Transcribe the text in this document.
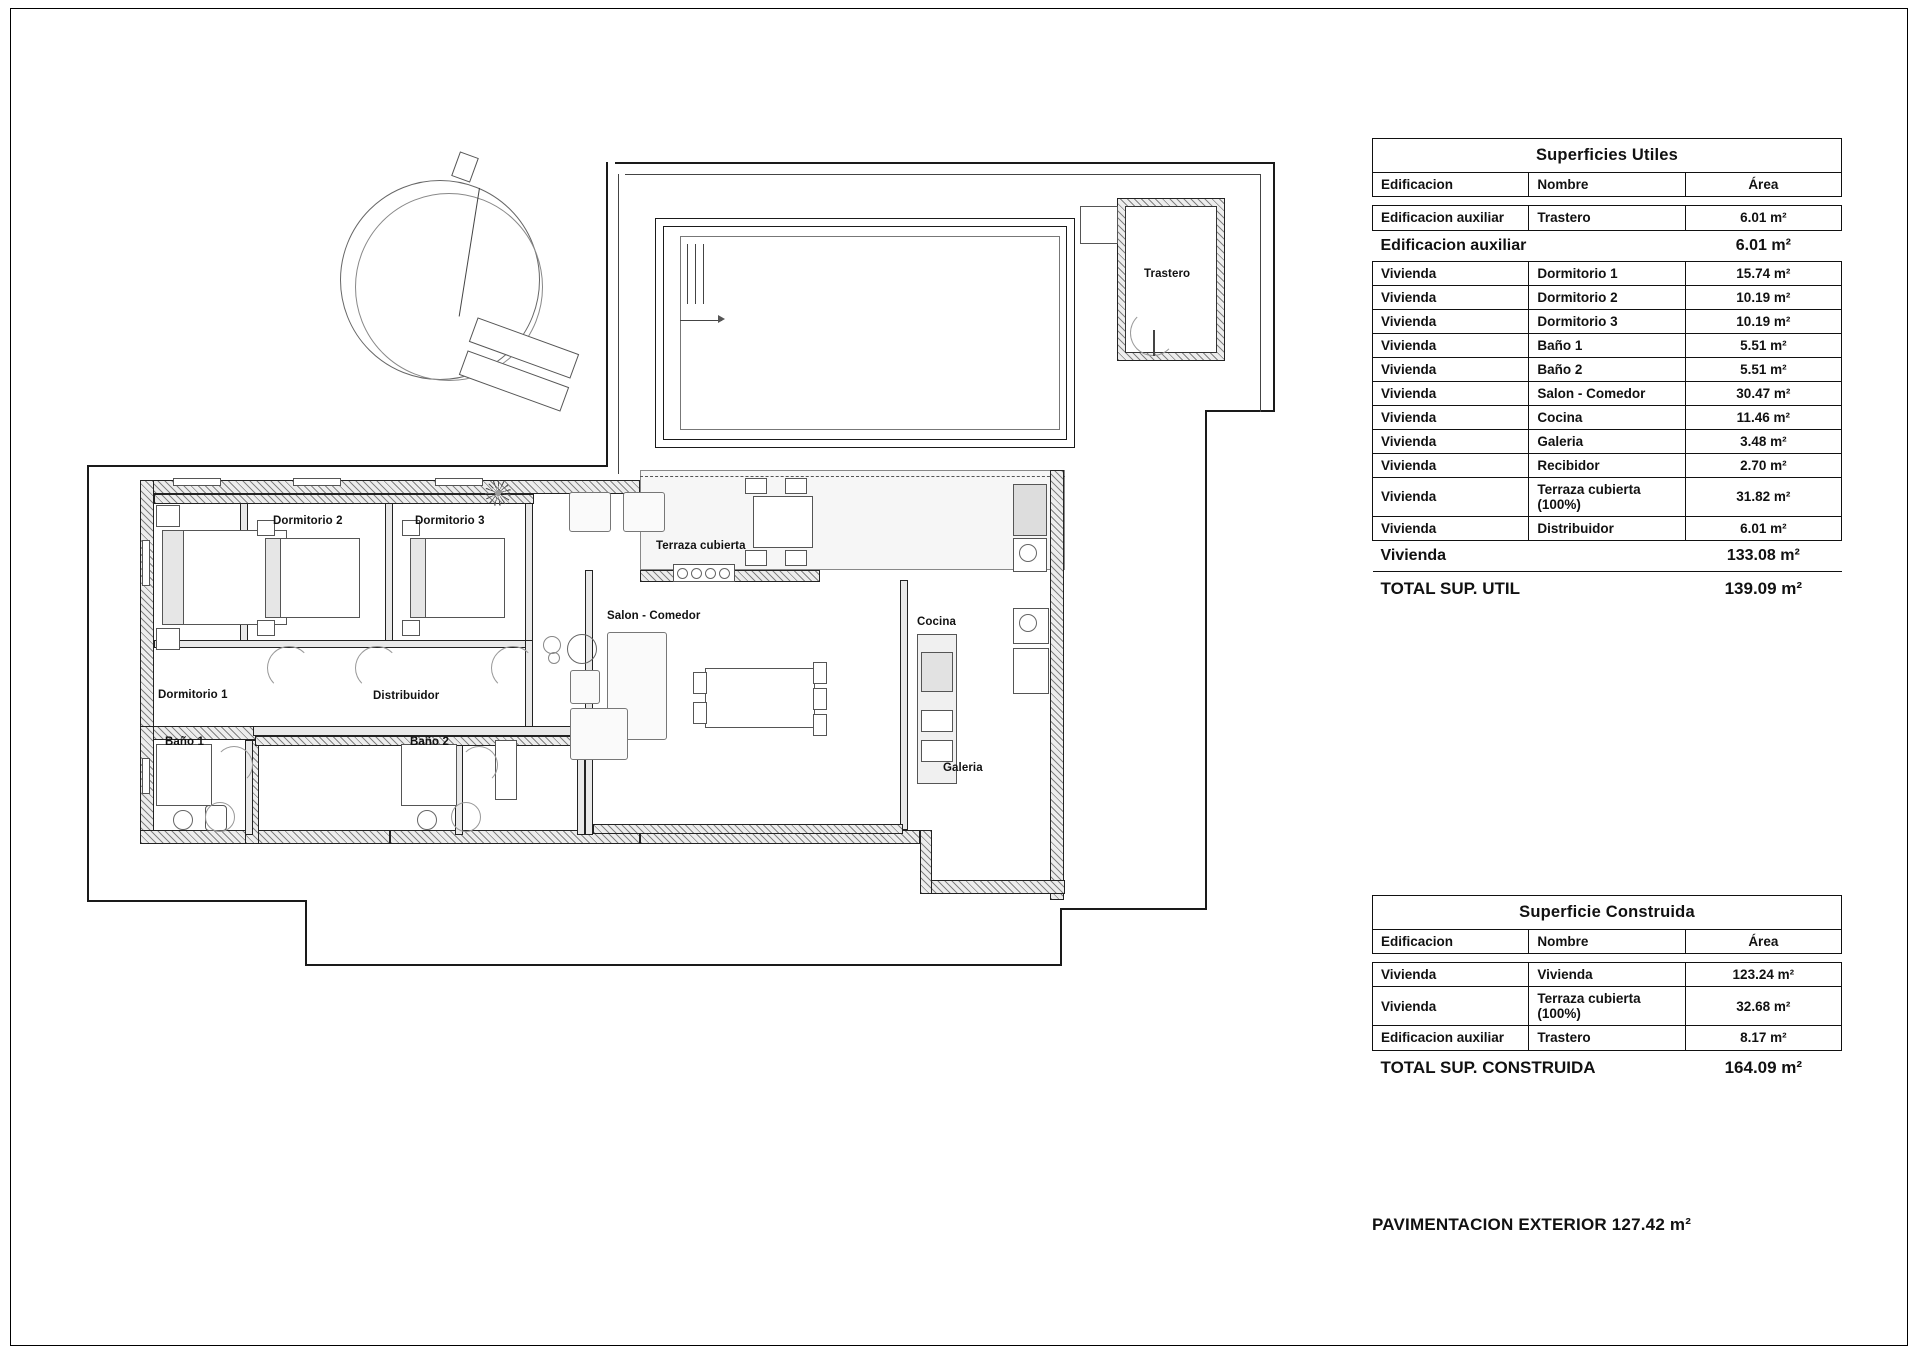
Trastero
Dormitorio 1
Dormitorio 2	Dormitorio 3
Distribuidor
Baño 1	Baño 2
Terraza cubierta
Salon - Comedor	Cocina
Galeria
Superficies Utiles		
Edificacion	Nombre	Área

Edificacion auxiliar	Trastero	6.01 m²
Edificacion auxiliar		6.01 m²
Vivienda	Dormitorio 1	15.74 m²
Vivienda	Dormitorio 2	10.19 m²
Vivienda	Dormitorio 3	10.19 m²
Vivienda	Baño 1	5.51 m²
Vivienda	Baño 2	5.51 m²
Vivienda	Salon - Comedor	30.47 m²
Vivienda	Cocina	11.46 m²
Vivienda	Galeria	3.48 m²
Vivienda	Recibidor	2.70 m²
Vivienda	Terraza cubierta (100%)	31.82 m²
Vivienda	Distribuidor	6.01 m²
Vivienda		133.08 m²
TOTAL SUP. UTIL		139.09 m²
Superficie Construida		
Edificacion	Nombre	Área

Vivienda	Vivienda	123.24 m²
Vivienda	Terraza cubierta (100%)	32.68 m²
Edificacion auxiliar	Trastero	8.17 m²
TOTAL SUP. CONSTRUIDA		164.09 m²
PAVIMENTACION EXTERIOR 127.42 m²
